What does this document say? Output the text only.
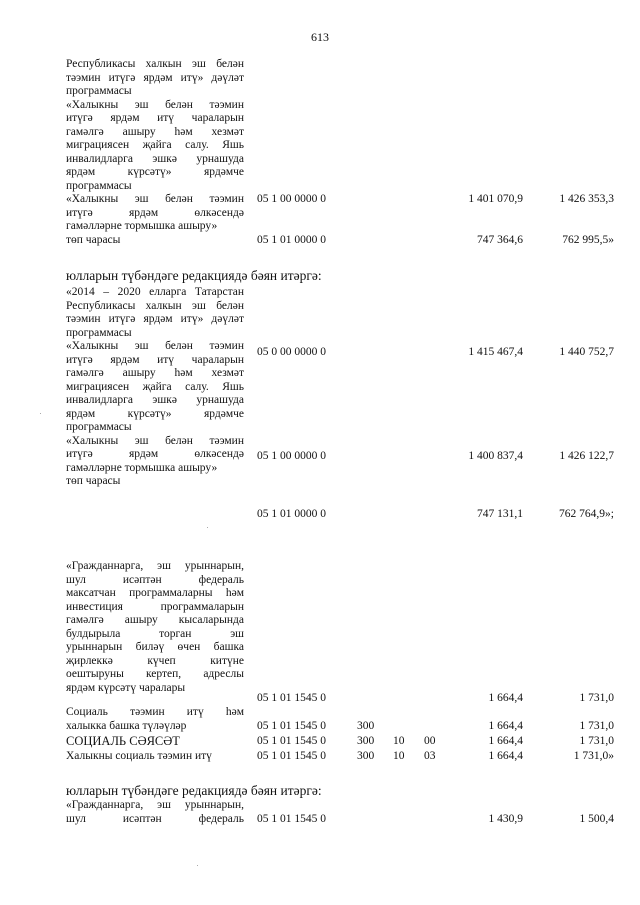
613
Республикасы халкын эш белән
тәэмин итүгә ярдәм итү» дәүләт
программасы
«Халыкны эш белән тәэмин
итүгә ярдәм итү чараларын
гамәлгә ашыру һәм хезмәт
миграциясен җайга салу. Яшь
инвалидларга эшкә урнашуда
ярдәм күрсәтү» ярдәмче
программасы
«Халыкны эш белән тәэмин
итүгә ярдәм өлкәсендә
гамәлләрне тормышка ашыру»
төп чарасы
05 1 00 0000 0	1 401 070,9	1 426 353,3
05 1 01 0000 0	747 364,6	762 995,5»
юлларын түбәндәге редакциядә бәян итәргә:
«2014 – 2020 елларга Татарстан
Республикасы халкын эш белән
тәэмин итүгә ярдәм итү» дәүләт
программасы
«Халыкны эш белән тәэмин
итүгә ярдәм итү чараларын
гамәлгә ашыру һәм хезмәт
миграциясен җайга салу. Яшь
инвалидларга эшкә урнашуда
ярдәм күрсәтү» ярдәмче
программасы
«Халыкны эш белән тәэмин
итүгә ярдәм өлкәсендә
гамәлләрне тормышка ашыру»
төп чарасы
05 0 00 0000 0	1 415 467,4	1 440 752,7
05 1 00 0000 0	1 400 837,4	1 426 122,7
05 1 01 0000 0	747 131,1	762 764,9»;
«Гражданнарга, эш урыннарын,
шул исәптән федераль
максатчан программаларны һәм
инвестиция программаларын
гамәлгә ашыру кысаларында
булдырыла торган эш
урыннарын биләү өчен башка
җирлеккә күчеп китүне
оештыруны кертеп, адреслы
ярдәм күрсәтү чаралары
05 1 01 1545 0	1 664,4	1 731,0
Социаль тәэмин итү һәм
халыкка башка түләүләр	05 1 01 1545 0	300	1 664,4	1 731,0
СОЦИАЛЬ СӘЯСӘТ	05 1 01 1545 0	300 10 00	1 664,4	1 731,0
Халыкны социаль тәэмин итү	05 1 01 1545 0	300 10 03	1 664,4	1 731,0»
юлларын түбәндәге редакциядә бәян итәргә:
«Гражданнарга, эш урыннарын,
шул исәптән федераль 05 1 01 1545 0	1 430,9	1 500,4
